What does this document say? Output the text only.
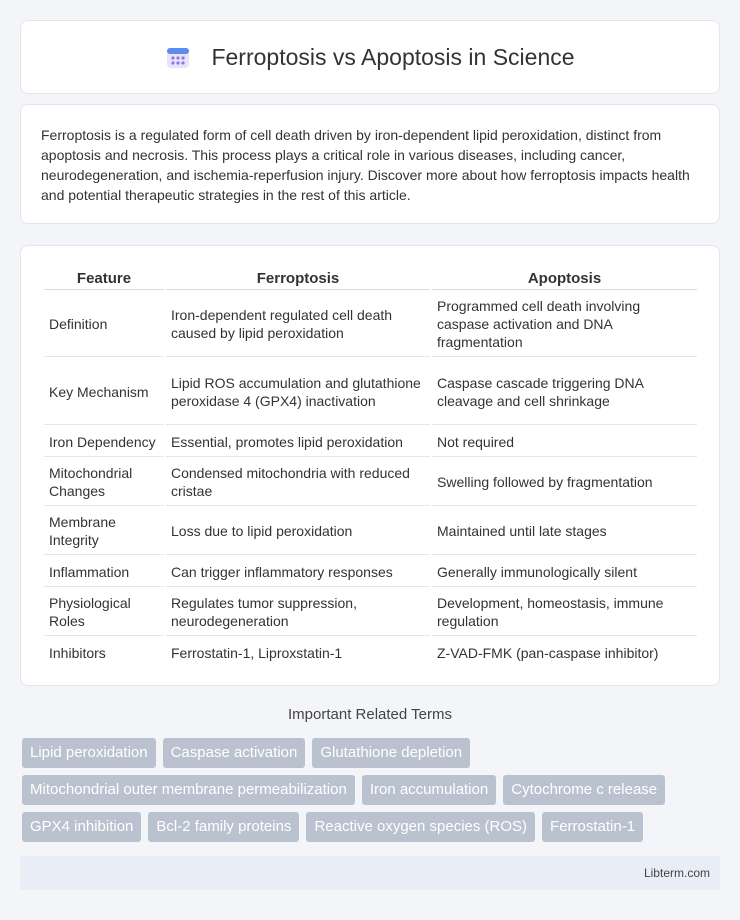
Ferroptosis vs Apoptosis in Science

Ferroptosis is a regulated form of cell death driven by iron-dependent lipid peroxidation, distinct from apoptosis and necrosis. This process plays a critical role in various diseases, including cancer, neurodegeneration, and ischemia-reperfusion injury. Discover more about how ferroptosis impacts health and potential therapeutic strategies in the rest of this article.

Feature	Ferroptosis	Apoptosis
Definition	Iron-dependent regulated cell death caused by lipid peroxidation	Programmed cell death involving caspase activation and DNA fragmentation
Key Mechanism	Lipid ROS accumulation and glutathione peroxidase 4 (GPX4) inactivation	Caspase cascade triggering DNA cleavage and cell shrinkage
Iron Dependency	Essential, promotes lipid peroxidation	Not required
Mitochondrial Changes	Condensed mitochondria with reduced cristae	Swelling followed by fragmentation
Membrane Integrity	Loss due to lipid peroxidation	Maintained until late stages
Inflammation	Can trigger inflammatory responses	Generally immunologically silent
Physiological Roles	Regulates tumor suppression, neurodegeneration	Development, homeostasis, immune regulation
Inhibitors	Ferrostatin-1, Liproxstatin-1	Z-VAD-FMK (pan-caspase inhibitor)
Important Related Terms
Lipid peroxidation	Caspase activation	Glutathione depletion
Mitochondrial outer membrane permeabilization	Iron accumulation	Cytochrome c release
GPX4 inhibition	Bcl-2 family proteins	Reactive oxygen species (ROS)	Ferrostatin-1
Libterm.com
